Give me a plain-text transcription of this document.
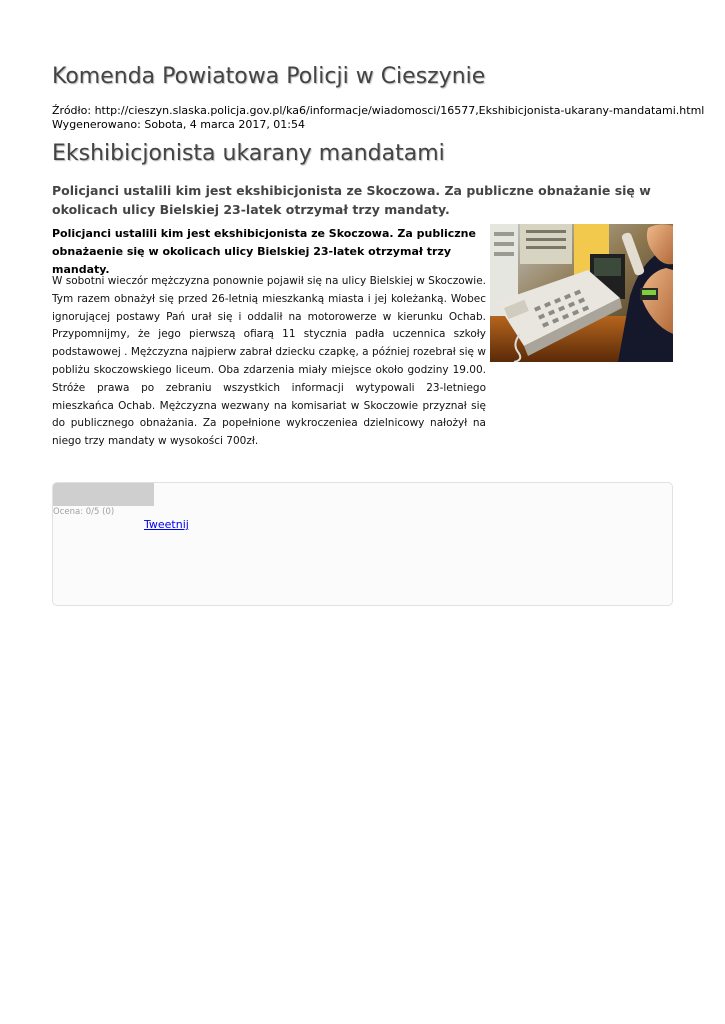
Komenda Powiatowa Policji w Cieszynie
Źródło: http://cieszyn.slaska.policja.gov.pl/ka6/informacje/wiadomosci/16577,Ekshibicjonista-ukarany-mandatami.html
Wygenerowano: Sobota, 4 marca 2017, 01:54
Ekshibicjonista ukarany mandatami

Policjanci ustalili kim jest ekshibicjonista ze Skoczowa. Za publiczne obnażanie się w okolicach ulicy Bielskiej 23-latek otrzymał trzy mandaty.

Policjanci ustalili kim jest ekshibicjonista ze Skoczowa. Za publiczne obnażaenie się w okolicach ulicy Bielskiej 23-latek otrzymał trzy mandaty.

W sobotni wieczór mężczyzna ponownie pojawił się na ulicy Bielskiej w Skoczowie. Tym razem obnażył się przed 26-letnią mieszkanką miasta i jej koleżanką. Wobec ignorującej postawy Pań urał się i oddalił na motorowerze w kierunku Ochab. Przypomnijmy, że jego pierwszą ofiarą 11 stycznia padła uczennica szkoły podstawowej . Mężczyzna najpierw zabrał dziecku czapkę, a później rozebrał się w pobliżu skoczowskiego liceum. Oba zdarzenia miały miejsce około godziny 19.00. Stróże prawa po zebraniu wszystkich informacji wytypowali 23-letniego mieszkańca Ochab. Mężczyzna wezwany na komisariat w Skoczowie przyznał się do publicznego obnażania. Za popełnione wykroczeniea dzielnicowy nałożył na niego trzy mandaty w wysokości 700zł.

Ocena: 0/5 (0)
Tweetnij
